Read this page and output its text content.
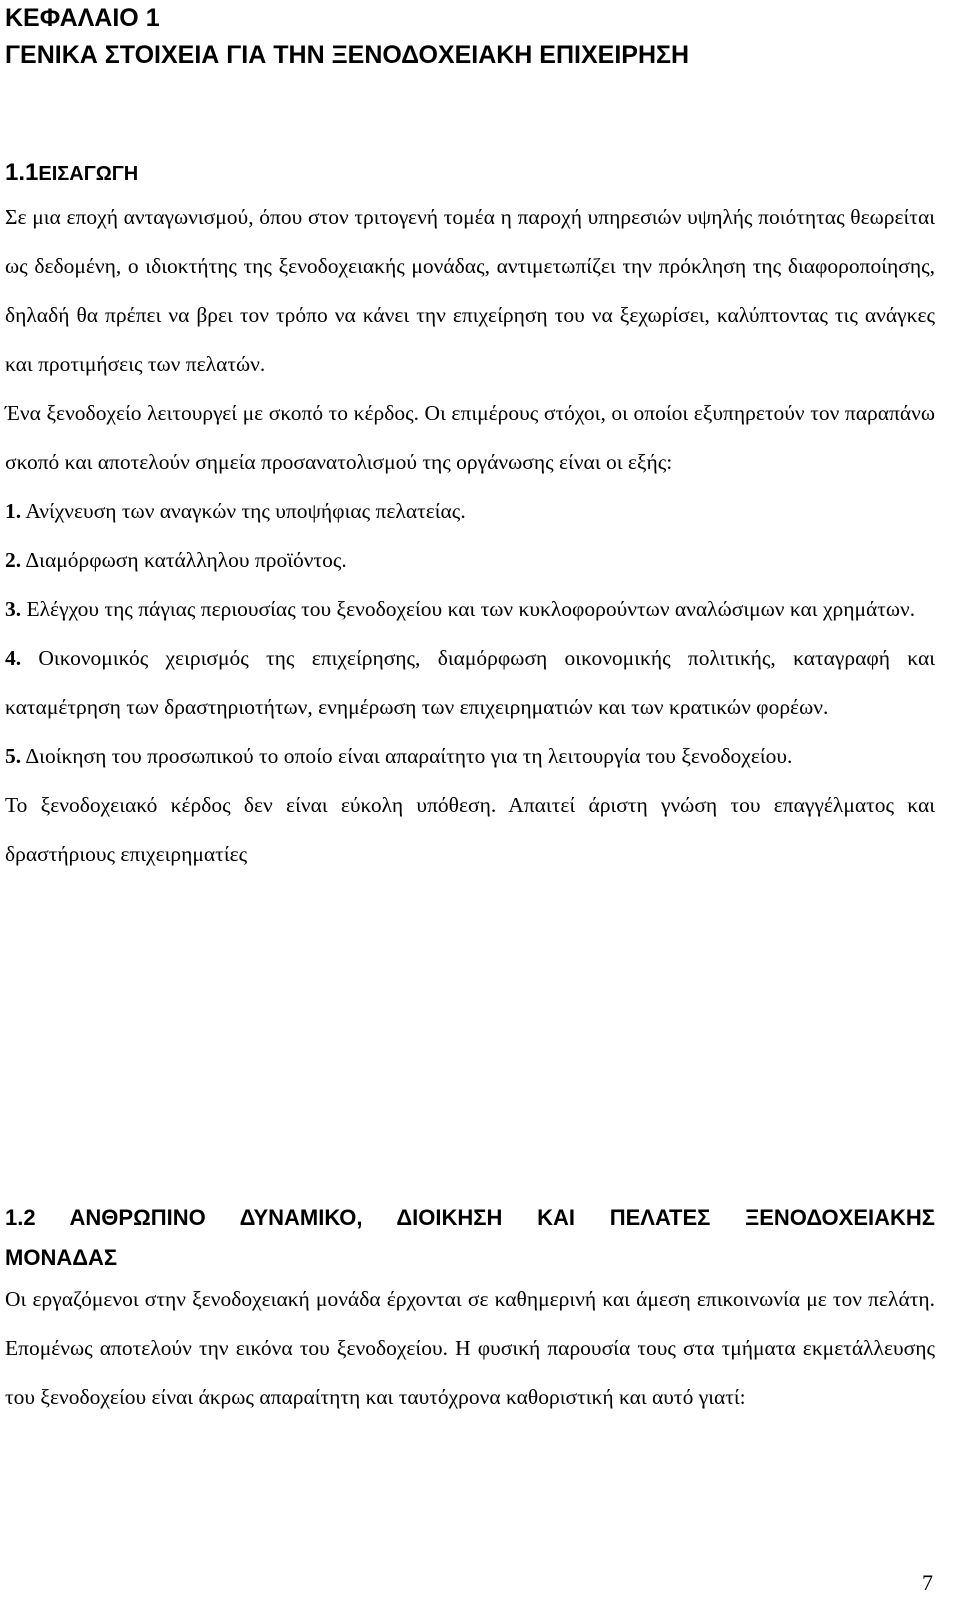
ΚΕΦΑΛΑΙΟ 1
ΓΕΝΙΚΑ ΣΤΟΙΧΕΙΑ ΓΙΑ ΤΗΝ ΞΕΝΟΔΟΧΕΙΑΚΗ ΕΠΙΧΕΙΡΗΣΗ
1.1ΕΙΣΑΓΩΓΗ

Σε μια εποχή ανταγωνισμού, όπου στον τριτογενή τομέα η παροχή υπηρεσιών υψηλής ποιότητας θεωρείται ως δεδομένη, ο ιδιοκτήτης της ξενοδοχειακής μονάδας, αντιμετωπίζει την πρόκληση της διαφοροποίησης, δηλαδή θα πρέπει να βρει τον τρόπο να κάνει την επιχείρηση του να ξεχωρίσει, καλύπτοντας τις ανάγκες και προτιμήσεις των πελατών.

Ένα ξενοδοχείο λειτουργεί με σκοπό το κέρδος. Οι επιμέρους στόχοι, οι οποίοι εξυπηρετούν τον παραπάνω σκοπό και αποτελούν σημεία προσανατολισμού της οργάνωσης είναι οι εξής:

1. Ανίχνευση των αναγκών της υποψήφιας πελατείας.

2. Διαμόρφωση κατάλληλου προϊόντος.

3. Ελέγχου της πάγιας περιουσίας του ξενοδοχείου και των κυκλοφορούντων αναλώσιμων και χρημάτων.

4. Οικονομικός χειρισμός της επιχείρησης, διαμόρφωση οικονομικής πολιτικής, καταγραφή και καταμέτρηση των δραστηριοτήτων, ενημέρωση των επιχειρηματιών και των κρατικών φορέων.

5. Διοίκηση του προσωπικού το οποίο είναι απαραίτητο για τη λειτουργία του ξενοδοχείου.

Το ξενοδοχειακό κέρδος δεν είναι εύκολη υπόθεση. Απαιτεί άριστη γνώση του επαγγέλματος και δραστήριους επιχειρηματίες

1.2 ΑΝΘΡΩΠΙΝΟ ΔΥΝΑΜΙΚΟ, ΔΙΟΙΚΗΣΗ ΚΑΙ ΠΕΛΑΤΕΣ ΞΕΝΟΔΟΧΕΙΑΚΗΣ
ΜΟΝΑΔΑΣ

Οι εργαζόμενοι στην ξενοδοχειακή μονάδα έρχονται σε καθημερινή και άμεση επικοινωνία με τον πελάτη. Επομένως αποτελούν την εικόνα του ξενοδοχείου. Η φυσική παρουσία τους στα τμήματα εκμετάλλευσης του ξενοδοχείου είναι άκρως απαραίτητη και ταυτόχρονα καθοριστική και αυτό γιατί:

7
